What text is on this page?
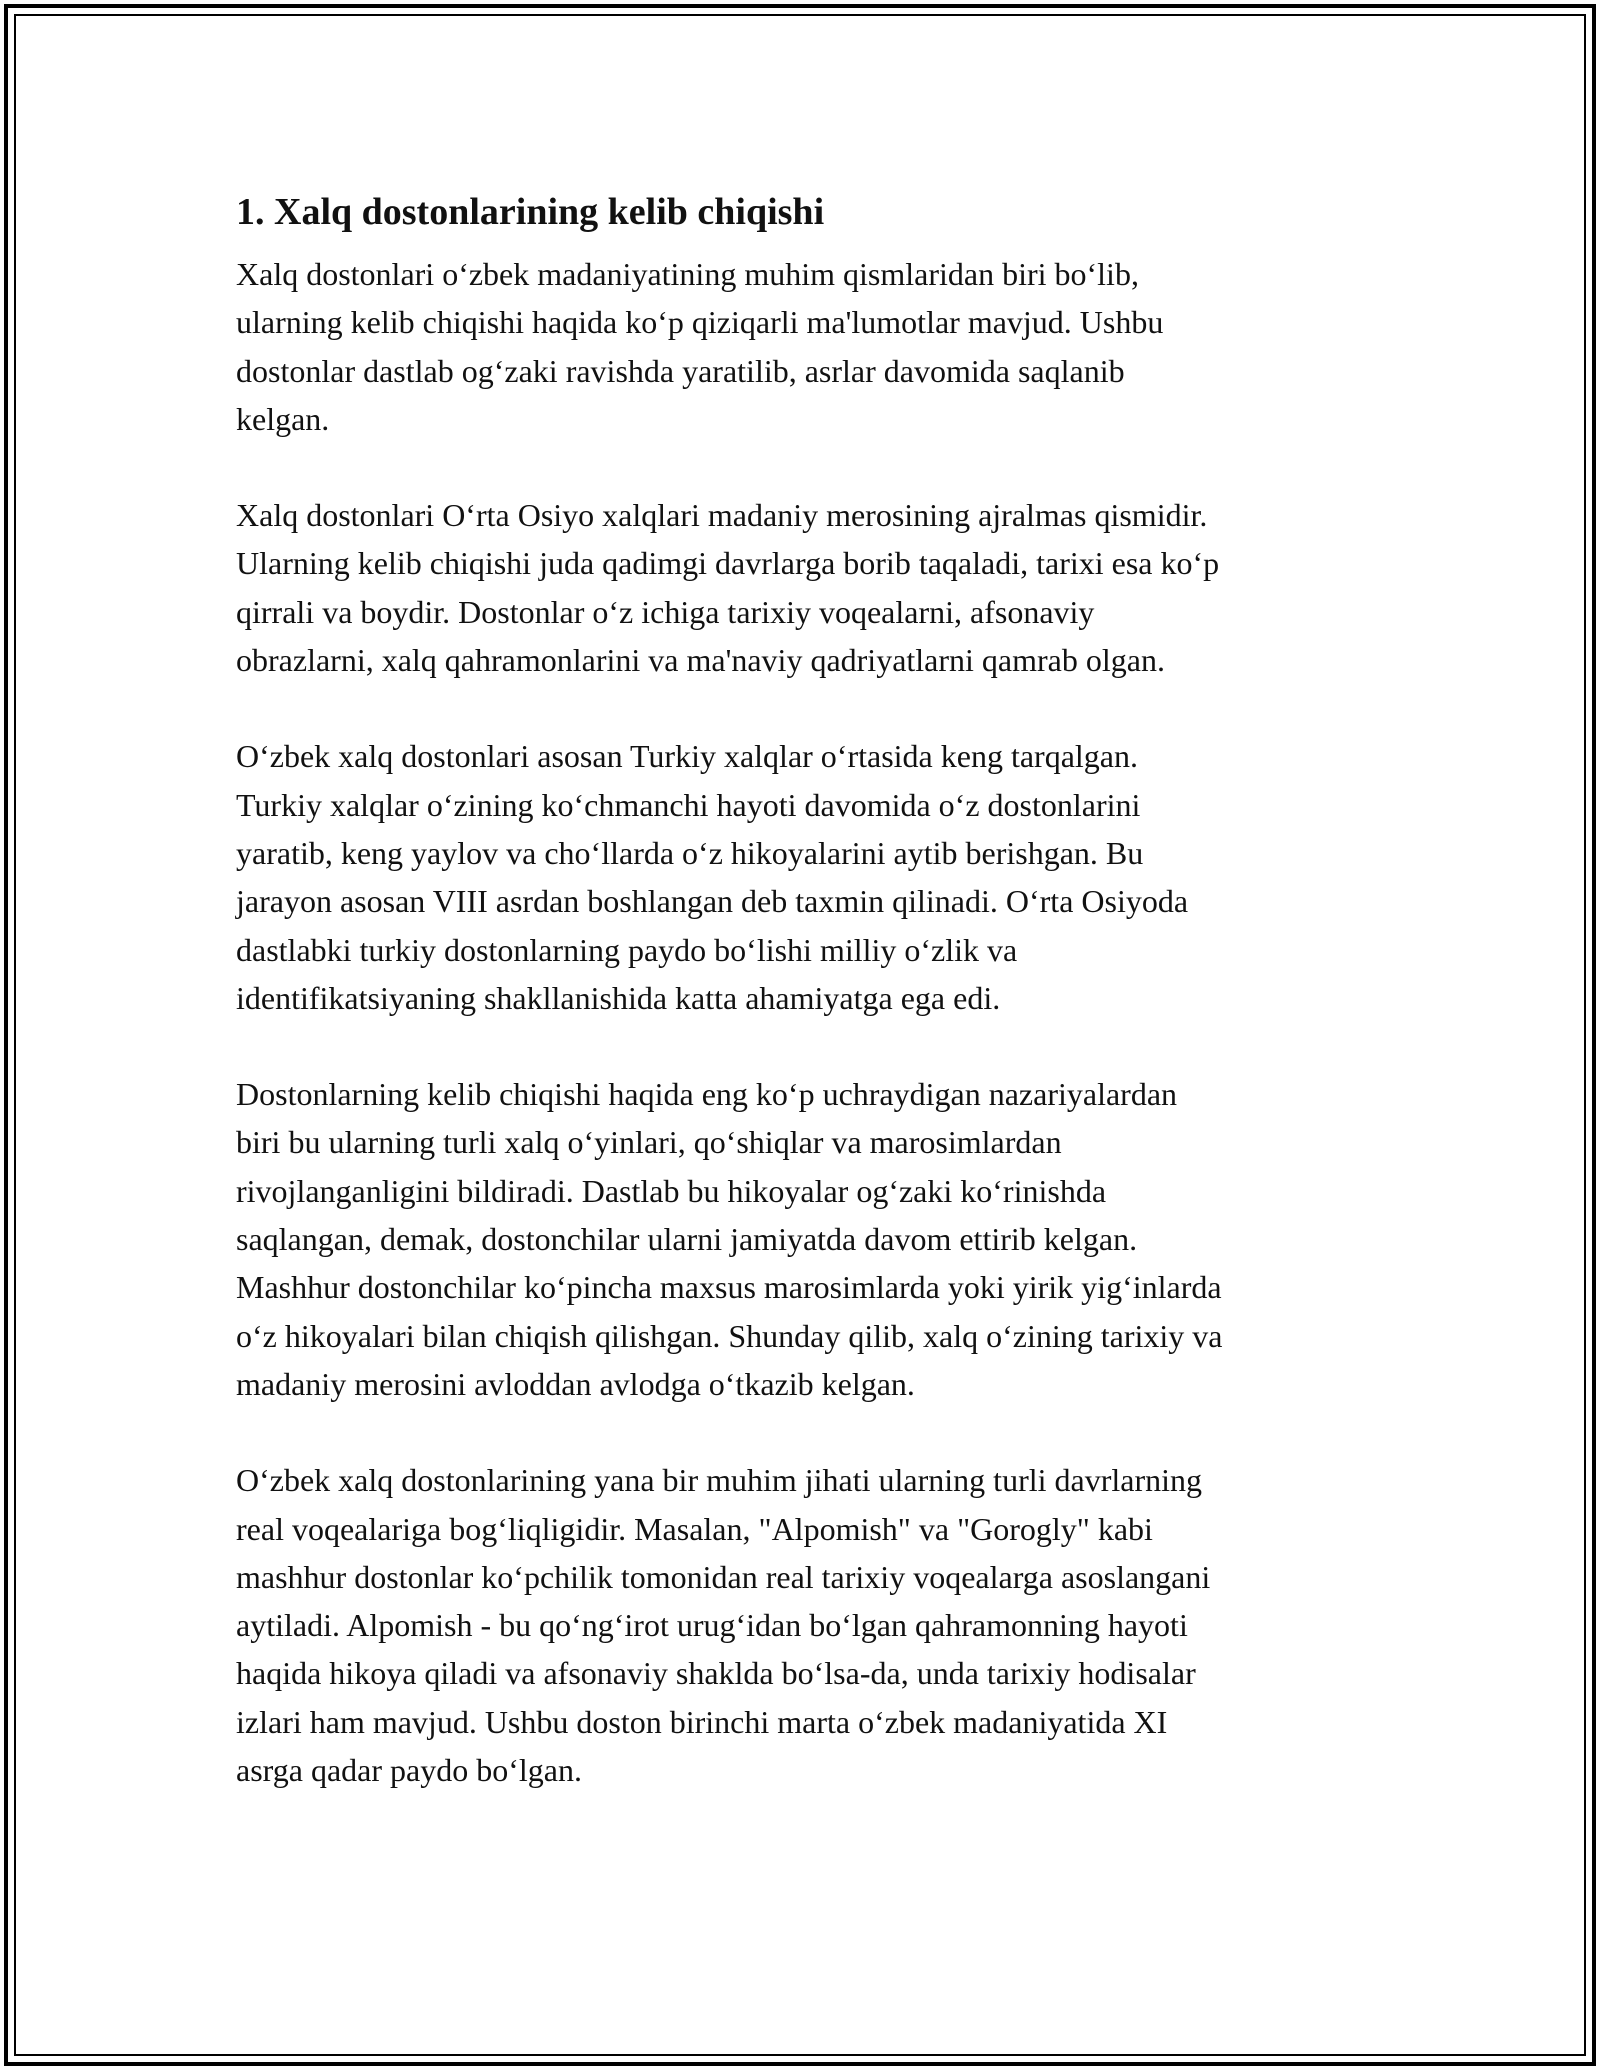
1. Xalq dostonlarining kelib chiqishi

Xalq dostonlari o‘zbek madaniyatining muhim qismlaridan biri bo‘lib,
ularning kelib chiqishi haqida ko‘p qiziqarli ma'lumotlar mavjud. Ushbu
dostonlar dastlab og‘zaki ravishda yaratilib, asrlar davomida saqlanib
kelgan.

Xalq dostonlari O‘rta Osiyo xalqlari madaniy merosining ajralmas qismidir.
Ularning kelib chiqishi juda qadimgi davrlarga borib taqaladi, tarixi esa ko‘p
qirrali va boydir. Dostonlar o‘z ichiga tarixiy voqealarni, afsonaviy
obrazlarni, xalq qahramonlarini va ma'naviy qadriyatlarni qamrab olgan.

O‘zbek xalq dostonlari asosan Turkiy xalqlar o‘rtasida keng tarqalgan.
Turkiy xalqlar o‘zining ko‘chmanchi hayoti davomida o‘z dostonlarini
yaratib, keng yaylov va cho‘llarda o‘z hikoyalarini aytib berishgan. Bu
jarayon asosan VIII asrdan boshlangan deb taxmin qilinadi. O‘rta Osiyoda
dastlabki turkiy dostonlarning paydo bo‘lishi milliy o‘zlik va
identifikatsiyaning shakllanishida katta ahamiyatga ega edi.

Dostonlarning kelib chiqishi haqida eng ko‘p uchraydigan nazariyalardan
biri bu ularning turli xalq o‘yinlari, qo‘shiqlar va marosimlardan
rivojlanganligini bildiradi. Dastlab bu hikoyalar og‘zaki ko‘rinishda
saqlangan, demak, dostonchilar ularni jamiyatda davom ettirib kelgan.
Mashhur dostonchilar ko‘pincha maxsus marosimlarda yoki yirik yig‘inlarda
o‘z hikoyalari bilan chiqish qilishgan. Shunday qilib, xalq o‘zining tarixiy va
madaniy merosini avloddan avlodga o‘tkazib kelgan.

O‘zbek xalq dostonlarining yana bir muhim jihati ularning turli davrlarning
real voqealariga bog‘liqligidir. Masalan, "Alpomish" va "Gorogly" kabi
mashhur dostonlar ko‘pchilik tomonidan real tarixiy voqealarga asoslangani
aytiladi. Alpomish - bu qo‘ng‘irot urug‘idan bo‘lgan qahramonning hayoti
haqida hikoya qiladi va afsonaviy shaklda bo‘lsa-da, unda tarixiy hodisalar
izlari ham mavjud. Ushbu doston birinchi marta o‘zbek madaniyatida XI
asrga qadar paydo bo‘lgan.
